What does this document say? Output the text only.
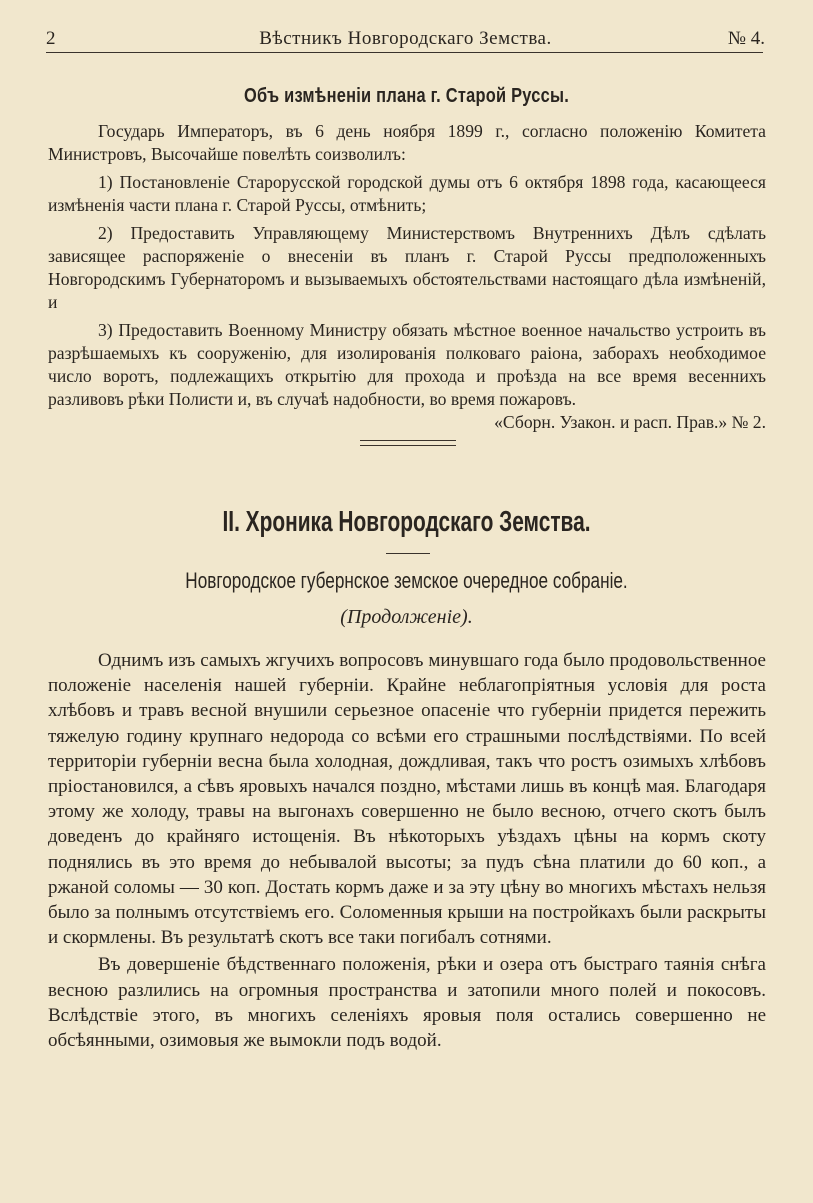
2	Вѣстникъ Новгородскаго Земства.	№ 4.
Объ измѣненіи плана г. Старой Руссы.

Государь Императоръ, въ 6 день ноября 1899 г., согласно положенію Комитета Министровъ, Высочайше повелѣть соизволилъ:

1) Постановленіе Старорусской городской думы отъ 6 октября 1898 года, касающееся измѣненія части плана г. Старой Руссы, отмѣнить;

2) Предоставить Управляющему Министерствомъ Внутреннихъ Дѣлъ сдѣлать зависящее распоряженіе о внесеніи въ планъ г. Старой Руссы предположенныхъ Новгородскимъ Губернаторомъ и вызываемыхъ обстоятельствами настоящаго дѣла измѣненій, и

3) Предоставить Военному Министру обязать мѣстное военное начальство устроить въ разрѣшаемыхъ къ сооруженію, для изолированія полковаго раіона, заборахъ необходимое число воротъ, подлежащихъ открытію для прохода и проѣзда на все время весеннихъ разливовъ рѣки Полисти и, въ случаѣ надобности, во время пожаровъ.
«Сборн. Узакон. и расп. Прав.» № 2.

II. Хроника Новгородскаго Земства.
Новгородское губернское земское очередное собраніе.
(Продолженіе).

Однимъ изъ самыхъ жгучихъ вопросовъ минувшаго года было продовольственное положеніе населенія нашей губерніи. Крайне неблагопріятныя условія для роста хлѣбовъ и травъ весной внушили серьезное опасеніе что губерніи придется пережить тяжелую годину крупнаго недорода со всѣми его страшными послѣдствіями. По всей территоріи губерніи весна была холодная, дождливая, такъ что ростъ озимыхъ хлѣбовъ пріостановился, а сѣвъ яровыхъ начался поздно, мѣстами лишь въ концѣ мая. Благодаря этому же холоду, травы на выгонахъ совершенно не было весною, отчего скотъ былъ доведенъ до крайняго истощенія. Въ нѣкоторыхъ уѣздахъ цѣны на кормъ скоту поднялись въ это время до небывалой высоты; за пудъ сѣна платили до 60 коп., а ржаной соломы — 30 коп. Достать кормъ даже и за эту цѣну во многихъ мѣстахъ нельзя было за полнымъ отсутствіемъ его. Соломенныя крыши на постройкахъ были раскрыты и скормлены. Въ результатѣ скотъ все таки погибалъ сотнями.

Въ довершеніе бѣдственнаго положенія, рѣки и озера отъ быстраго таянія снѣга весною разлились на огромныя пространства и затопили много полей и покосовъ. Вслѣдствіе этого, въ многихъ селеніяхъ яровыя поля остались совершенно не обсѣянными, озимовыя же вымокли подъ водой.
